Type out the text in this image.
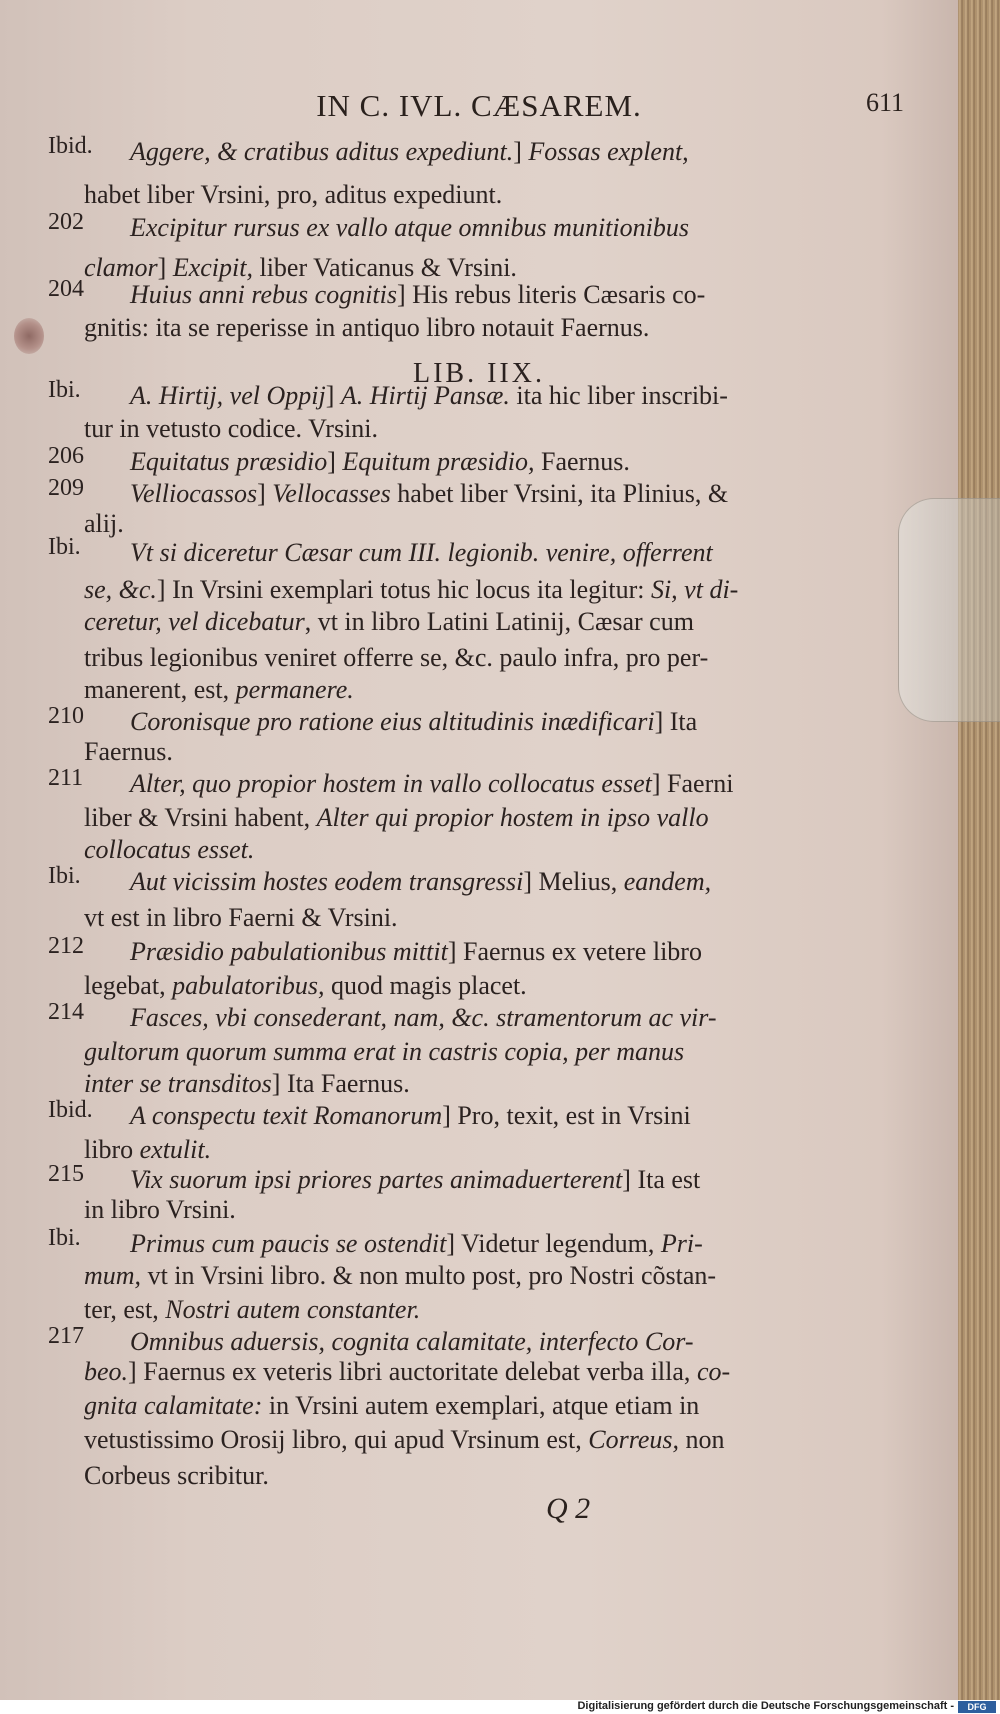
IN C. IVL. CÆSAREM.	611
Ibid.	Aggere, & cratibus aditus expediunt.] Fossas explent,
habet liber Vrsini, pro, aditus expediunt.
202	Excipitur rursus ex vallo atque omnibus munitionibus
clamor] Excipit, liber Vaticanus & Vrsini.
204	Huius anni rebus cognitis] His rebus literis Cæsaris co-
gnitis: ita se reperisse in antiquo libro notauit Faernus.
LIB. IIX.
Ibi.	A. Hirtij, vel Oppij] A. Hirtij Pansæ. ita hic liber inscribi-
tur in vetusto codice. Vrsini.
206	Equitatus præsidio] Equitum præsidio, Faernus.
209	Velliocassos] Vellocasses habet liber Vrsini, ita Plinius, &
alij.
Ibi.	Vt si diceretur Cæsar cum III. legionib. venire, offerrent
se, &c.] In Vrsini exemplari totus hic locus ita legitur: Si, vt di-
ceretur, vel dicebatur, vt in libro Latini Latinij, Cæsar cum
tribus legionibus veniret offerre se, &c. paulo infra, pro per-
manerent, est, permanere.
210	Coronisque pro ratione eius altitudinis inædificari] Ita
Faernus.
211	Alter, quo propior hostem in vallo collocatus esset] Faerni
liber & Vrsini habent, Alter qui propior hostem in ipso vallo
collocatus esset.
Ibi.	Aut vicissim hostes eodem transgressi] Melius, eandem,
vt est in libro Faerni & Vrsini.
212	Præsidio pabulationibus mittit] Faernus ex vetere libro
legebat, pabulatoribus, quod magis placet.
214	Fasces, vbi consederant, nam, &c. stramentorum ac vir-
gultorum quorum summa erat in castris copia, per manus
inter se transditos] Ita Faernus.
Ibid.	A conspectu texit Romanorum] Pro, texit, est in Vrsini
libro extulit.
215	Vix suorum ipsi priores partes animaduerterent] Ita est
in libro Vrsini.
Ibi.	Primus cum paucis se ostendit] Videtur legendum, Pri-
mum, vt in Vrsini libro. & non multo post, pro Nostri cõstan-
ter, est, Nostri autem constanter.
217	Omnibus aduersis, cognita calamitate, interfecto Cor-
beo.] Faernus ex veteris libri auctoritate delebat verba illa, co-
gnita calamitate: in Vrsini autem exemplari, atque etiam in
vetustissimo Orosij libro, qui apud Vrsinum est, Correus, non
Corbeus scribitur.
Q 2
Digitalisierung gefördert durch die Deutsche Forschungsgemeinschaft -	DFG
